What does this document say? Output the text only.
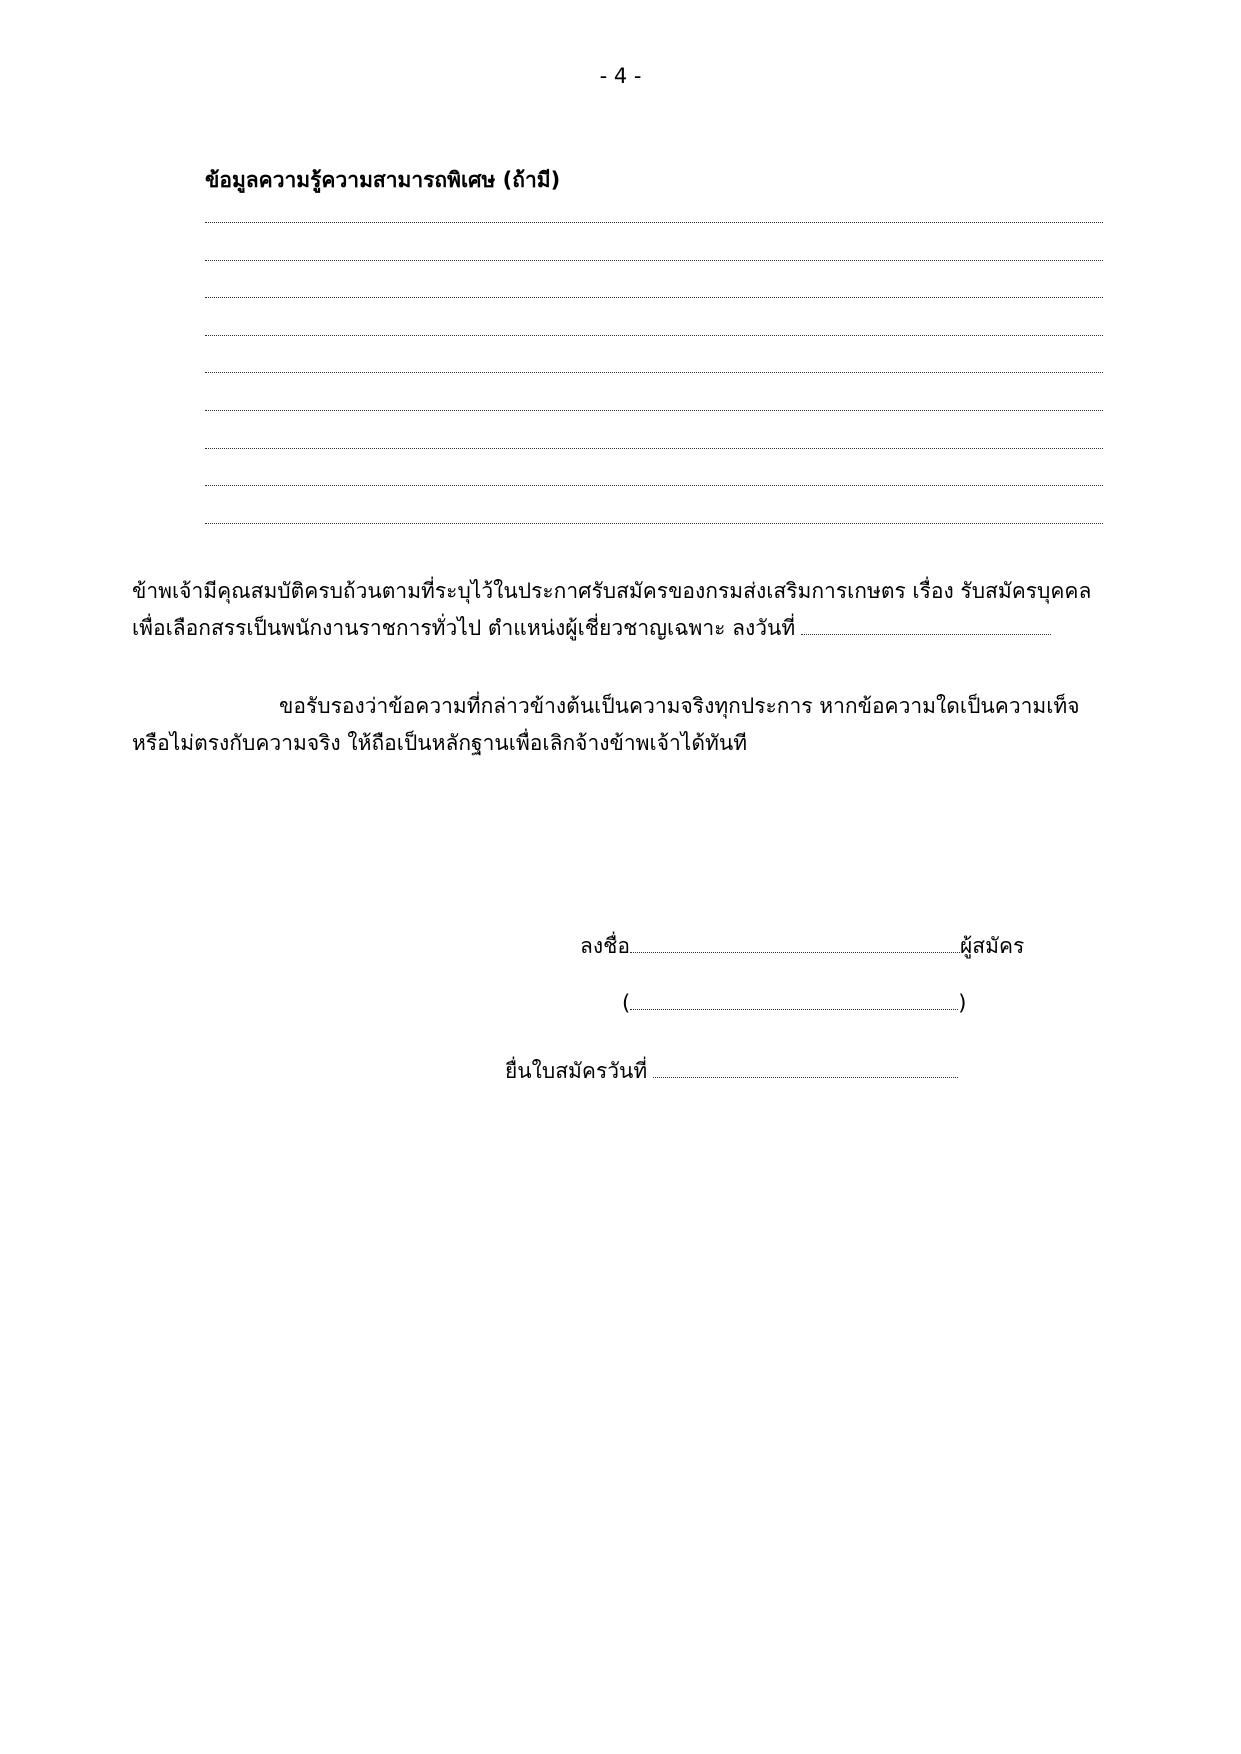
- 4 -
ข้อมูลความรู้ความสามารถพิเศษ (ถ้ามี)
ข้าพเจ้ามีคุณสมบัติครบถ้วนตามที่ระบุไว้ในประกาศรับสมัครของกรมส่งเสริมการเกษตร เรื่อง รับสมัครบุคคล
เพื่อเลือกสรรเป็นพนักงานราชการทั่วไป ตำแหน่งผู้เชี่ยวชาญเฉพาะ ลงวันที่
ขอรับรองว่าข้อความที่กล่าวข้างต้นเป็นความจริงทุกประการ หากข้อความใดเป็นความเท็จ
หรือไม่ตรงกับความจริง ให้ถือเป็นหลักฐานเพื่อเลิกจ้างข้าพเจ้าได้ทันที
ลงชื่อ	ผู้สมัคร
(	)
ยื่นใบสมัครวันที่
